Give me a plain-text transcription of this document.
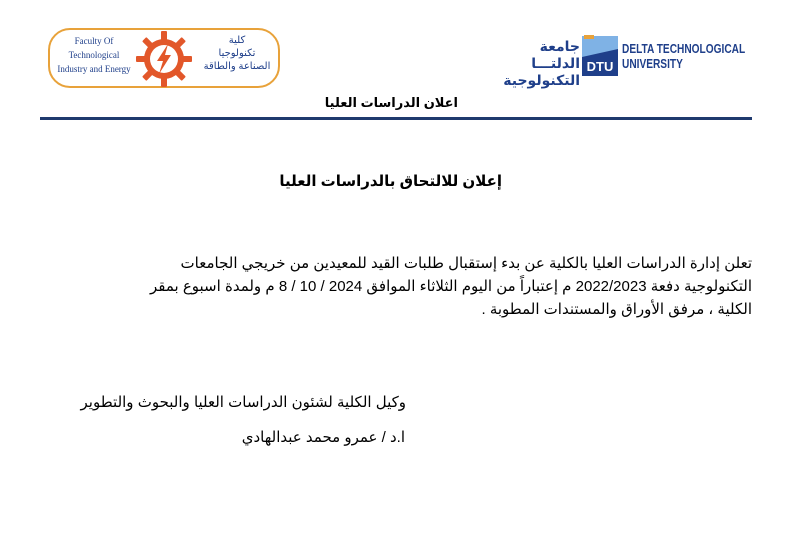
Faculty Of
Technological
Industry and Energy
كلية
تكنولوجيا
الصناعة والطاقة
جامعة الدلتـــا
التكنولوجية
DTU
DELTA TECHNOLOGICAL
UNIVERSITY
اعلان الدراسات العليا
إعلان للالتحاق بالدراسات العليا
تعلن إدارة الدراسات العليا بالكلية عن بدء إستقبال طلبات القيد للمعيدين من خريجي الجامعات
التكنولوجية دفعة 2022/2023 م إعتباراً من اليوم الثلاثاء الموافق 2024 / 10 / 8 م ولمدة اسبوع بمقر
الكلية ، مرفق الأوراق والمستندات المطوبة .
وكيل الكلية لشئون الدراسات العليا والبحوث والتطوير
ا.د / عمرو محمد عبدالهادي
